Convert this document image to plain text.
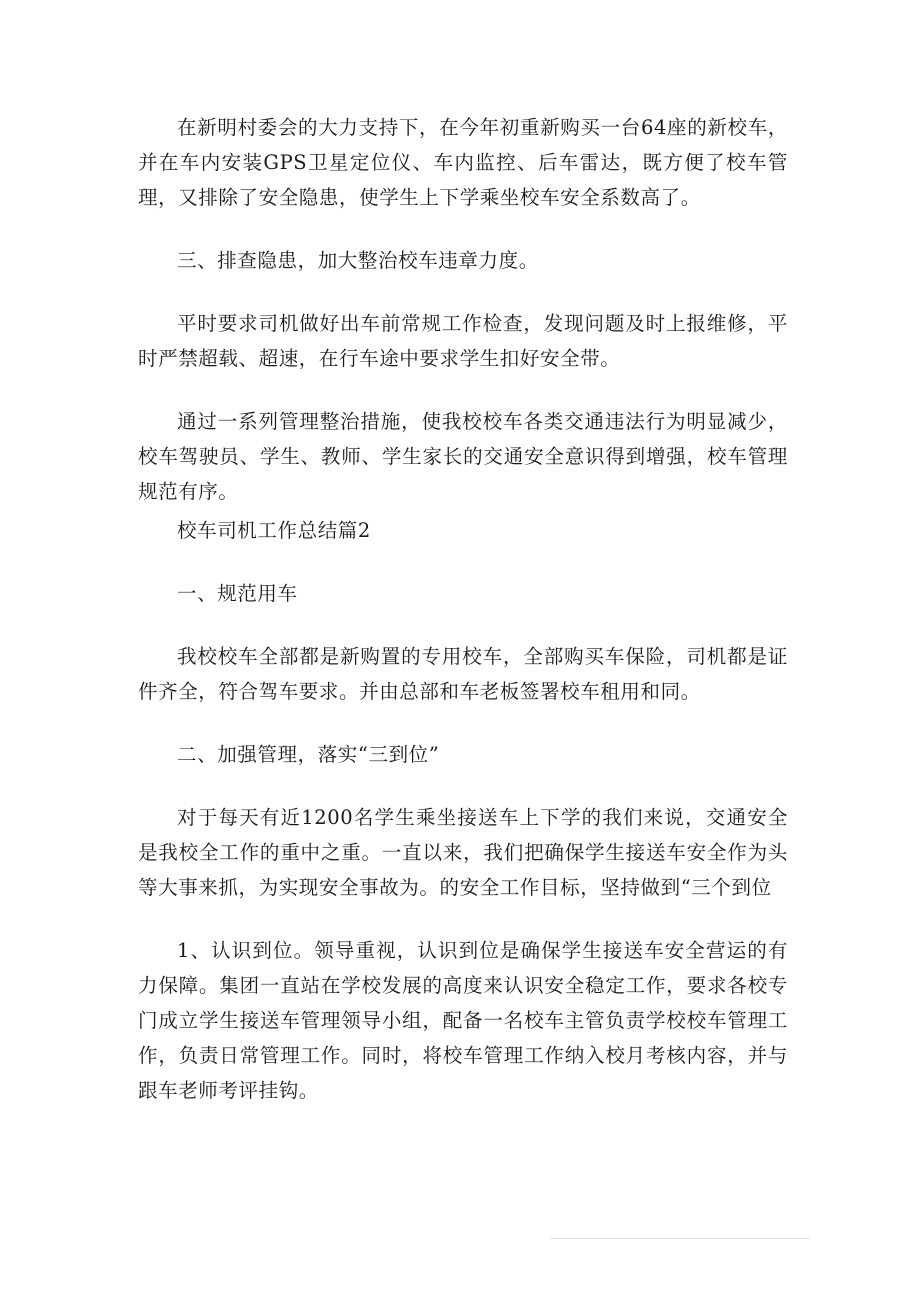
在新明村委会的大力支持下，在今年初重新购买一台64座的新校车，并在车内安装GPS卫星定位仪、车内监控、后车雷达，既方便了校车管理，又排除了安全隐患，使学生上下学乘坐校车安全系数高了。

三、排查隐患，加大整治校车违章力度。

平时要求司机做好出车前常规工作检查，发现问题及时上报维修，平时严禁超载、超速，在行车途中要求学生扣好安全带。

通过一系列管理整治措施，使我校校车各类交通违法行为明显减少，校车驾驶员、学生、教师、学生家长的交通安全意识得到增强，校车管理规范有序。

校车司机工作总结篇2

一、规范用车

我校校车全部都是新购置的专用校车，全部购买车保险，司机都是证件齐全，符合驾车要求。并由总部和车老板签署校车租用和同。

二、加强管理，落实“三到位”

对于每天有近1200名学生乘坐接送车上下学的我们来说，交通安全是我校全工作的重中之重。一直以来，我们把确保学生接送车安全作为头等大事来抓，为实现安全事故为。的安全工作目标，坚持做到“三个到位

1、认识到位。领导重视，认识到位是确保学生接送车安全营运的有力保障。集团一直站在学校发展的高度来认识安全稳定工作，要求各校专门成立学生接送车管理领导小组，配备一名校车主管负责学校校车管理工作，负责日常管理工作。同时，将校车管理工作纳入校月考核内容，并与跟车老师考评挂钩。
